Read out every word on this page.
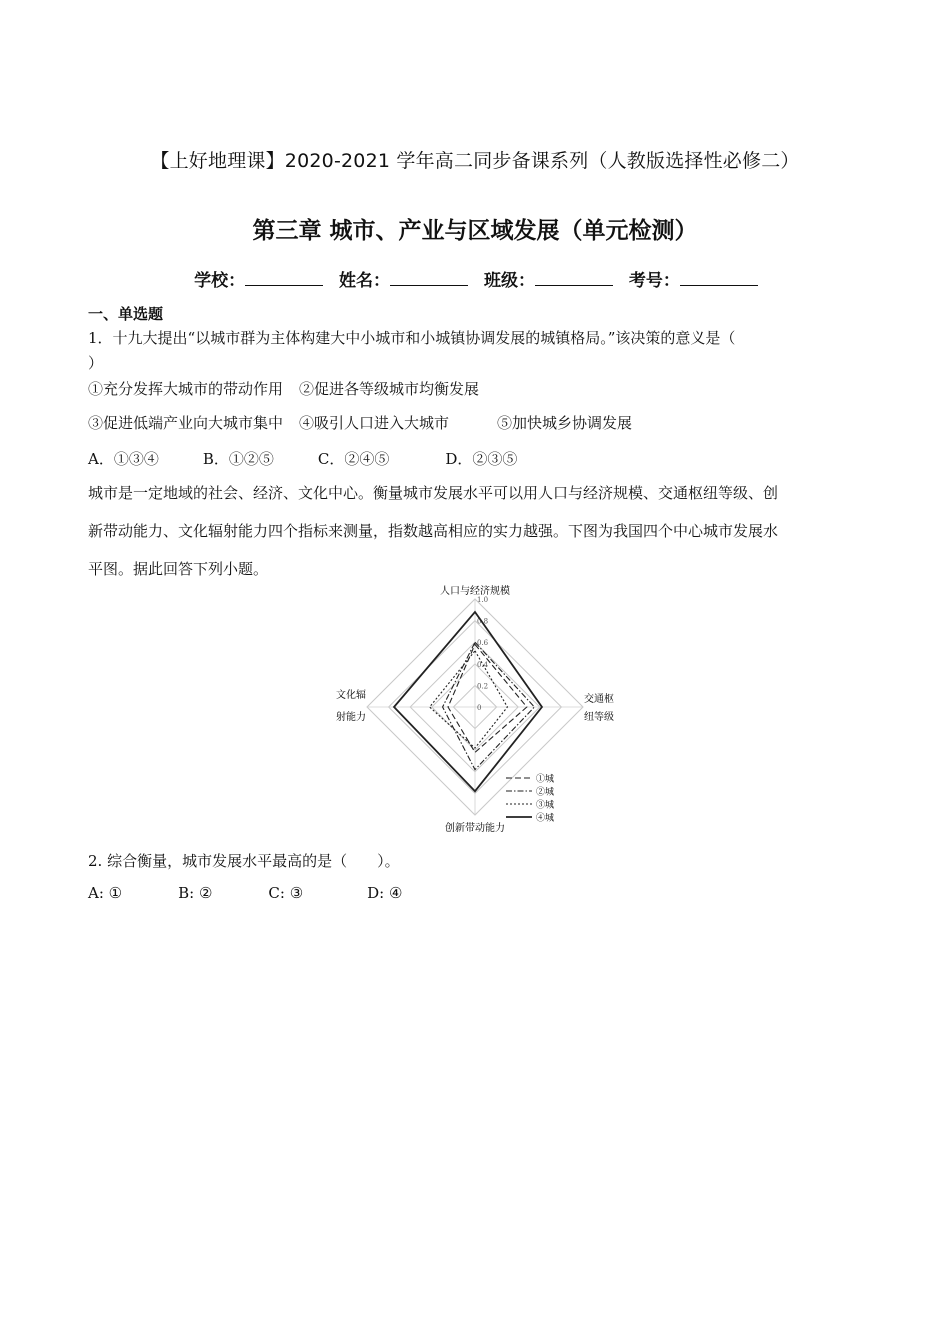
【上好地理课】2020-2021 学年高二同步备课系列（人教版选择性必修二）
第三章 城市、产业与区域发展（单元检测）
学校：	姓名：	班级：	考号：
一、单选题
1．十九大提出“以城市群为主体构建大中小城市和小城镇协调发展的城镇格局。”该决策的意义是（
）
①充分发挥大城市的带动作用 ②促进各等级城市均衡发展
③促进低端产业向大城市集中 ④吸引人口进入大城市	⑤加快城乡协调发展
A．①③④	B．①②⑤	C．②④⑤	D．②③⑤
城市是一定地域的社会、经济、文化中心。衡量城市发展水平可以用人口与经济规模、交通枢纽等级、创
新带动能力、文化辐射能力四个指标来测量，指数越高相应的实力越强。下图为我国四个中心城市发展水
平图。据此回答下列小题。
0
0.2
0.4
0.6
0.8
1.0
人口与经济规模
交通枢
纽等级
创新带动能力
文化辐
射能力
①城
②城
③城
④城
2. 综合衡量，城市发展水平最高的是（　　）。
A: ①	B: ②	C: ③	D: ④
